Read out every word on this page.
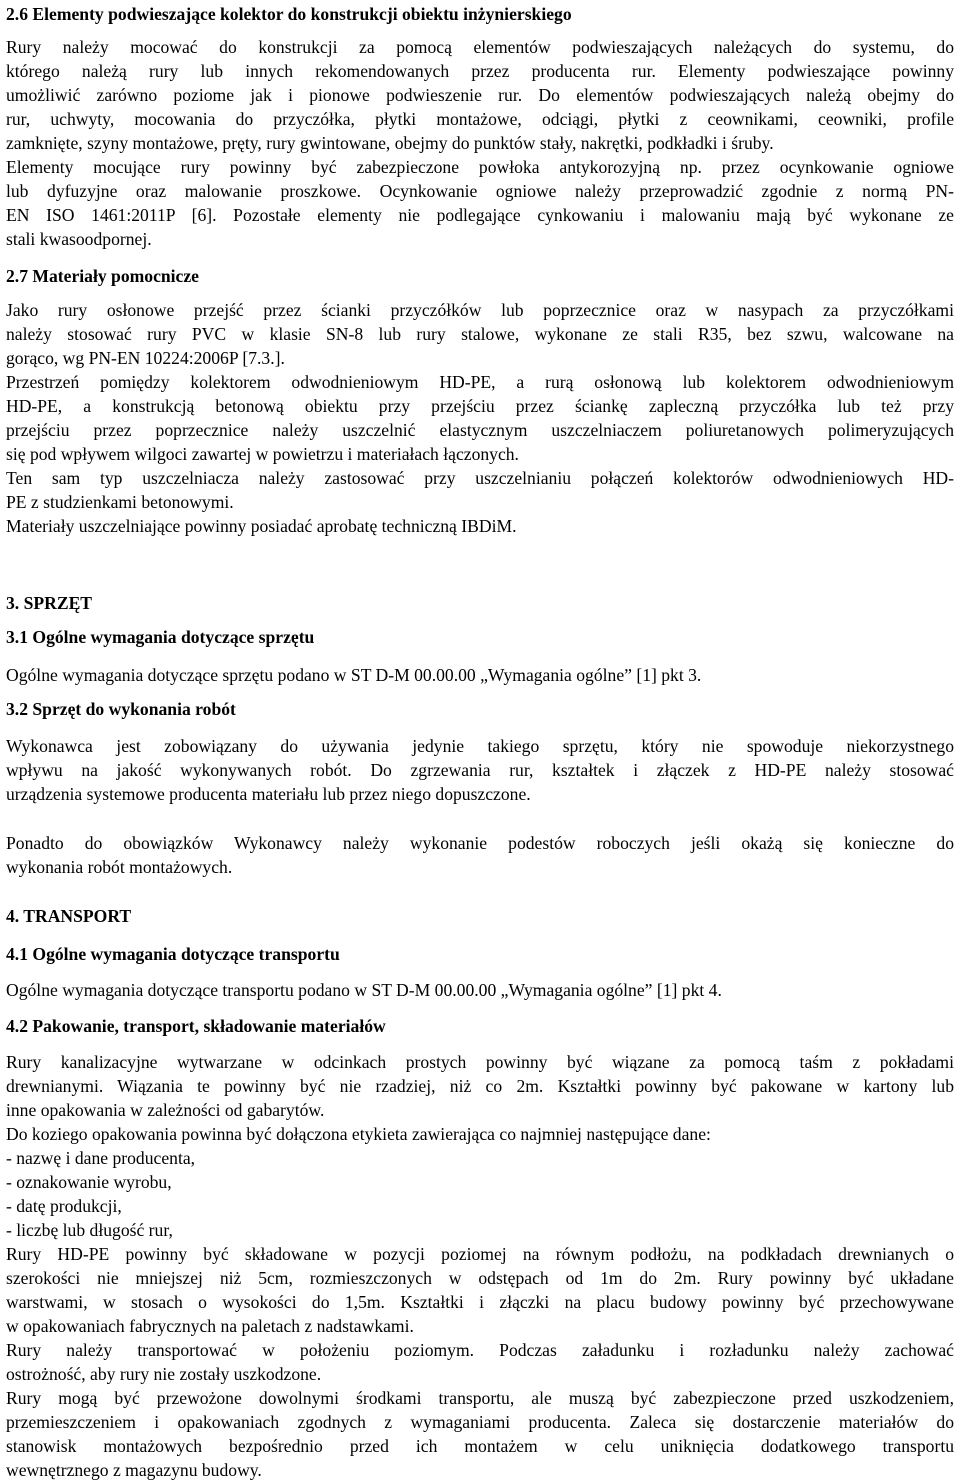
2.6 Elementy podwieszające kolektor do konstrukcji obiektu inżynierskiego
Rury należy mocować do konstrukcji za pomocą elementów podwieszających należących do systemu, do
którego należą rury lub innych rekomendowanych przez producenta rur. Elementy podwieszające powinny
umożliwić zarówno poziome jak i pionowe podwieszenie rur. Do elementów podwieszających należą obejmy do
rur, uchwyty, mocowania do przyczółka, płytki montażowe, odciągi, płytki z ceownikami, ceowniki, profile
zamknięte, szyny montażowe, pręty, rury gwintowane, obejmy do punktów stały, nakrętki, podkładki i śruby.
Elementy mocujące rury powinny być zabezpieczone powłoka antykorozyjną np. przez ocynkowanie ogniowe
lub dyfuzyjne oraz malowanie proszkowe. Ocynkowanie ogniowe należy przeprowadzić zgodnie z normą PN-
EN ISO 1461:2011P [6]. Pozostałe elementy nie podlegające cynkowaniu i malowaniu mają być wykonane ze
stali kwasoodpornej.
2.7 Materiały pomocnicze
Jako rury osłonowe przejść przez ścianki przyczółków lub poprzecznice oraz w nasypach za przyczółkami
należy stosować rury PVC w klasie SN-8 lub rury stalowe, wykonane ze stali R35, bez szwu, walcowane na
gorąco, wg PN-EN 10224:2006P [7.3.].
Przestrzeń pomiędzy kolektorem odwodnieniowym HD-PE, a rurą osłonową lub kolektorem odwodnieniowym
HD-PE, a konstrukcją betonową obiektu przy przejściu przez ściankę zapleczną przyczółka lub też przy
przejściu przez poprzecznice należy uszczelnić elastycznym uszczelniaczem poliuretanowych polimeryzujących
się pod wpływem wilgoci zawartej w powietrzu i materiałach łączonych.
Ten sam typ uszczelniacza należy zastosować przy uszczelnianiu połączeń kolektorów odwodnieniowych HD-
PE z studzienkami betonowymi.
Materiały uszczelniające powinny posiadać aprobatę techniczną IBDiM.
3. SPRZĘT
3.1 Ogólne wymagania dotyczące sprzętu
Ogólne wymagania dotyczące sprzętu podano w ST D-M 00.00.00 „Wymagania ogólne” [1] pkt 3.
3.2 Sprzęt do wykonania robót
Wykonawca jest zobowiązany do używania jedynie takiego sprzętu, który nie spowoduje niekorzystnego
wpływu na jakość wykonywanych robót. Do zgrzewania rur, kształtek i złączek z HD-PE należy stosować
urządzenia systemowe producenta materiału lub przez niego dopuszczone.
Ponadto do obowiązków Wykonawcy należy wykonanie podestów roboczych jeśli okażą się konieczne do
wykonania robót montażowych.
4. TRANSPORT
4.1 Ogólne wymagania dotyczące transportu
Ogólne wymagania dotyczące transportu podano w ST D-M 00.00.00 „Wymagania ogólne” [1] pkt 4.
4.2 Pakowanie, transport, składowanie materiałów
Rury kanalizacyjne wytwarzane w odcinkach prostych powinny być wiązane za pomocą taśm z pokładami
drewnianymi. Wiązania te powinny być nie rzadziej, niż co 2m. Kształtki powinny być pakowane w kartony lub
inne opakowania w zależności od gabarytów.
Do koziego opakowania powinna być dołączona etykieta zawierająca co najmniej następujące dane:
- nazwę i dane producenta,
- oznakowanie wyrobu,
- datę produkcji,
- liczbę lub długość rur,
Rury HD-PE powinny być składowane w pozycji poziomej na równym podłożu, na podkładach drewnianych o
szerokości nie mniejszej niż 5cm, rozmieszczonych w odstępach od 1m do 2m. Rury powinny być układane
warstwami, w stosach o wysokości do 1,5m. Kształtki i złączki na placu budowy powinny być przechowywane
w opakowaniach fabrycznych na paletach z nadstawkami.
Rury należy transportować w położeniu poziomym. Podczas załadunku i rozładunku należy zachować
ostrożność, aby rury nie zostały uszkodzone.
Rury mogą być przewożone dowolnymi środkami transportu, ale muszą być zabezpieczone przed uszkodzeniem,
przemieszczeniem i opakowaniach zgodnych z wymaganiami producenta. Zaleca się dostarczenie materiałów do
stanowisk montażowych bezpośrednio przed ich montażem w celu uniknięcia dodatkowego transportu
wewnętrznego z magazynu budowy.
